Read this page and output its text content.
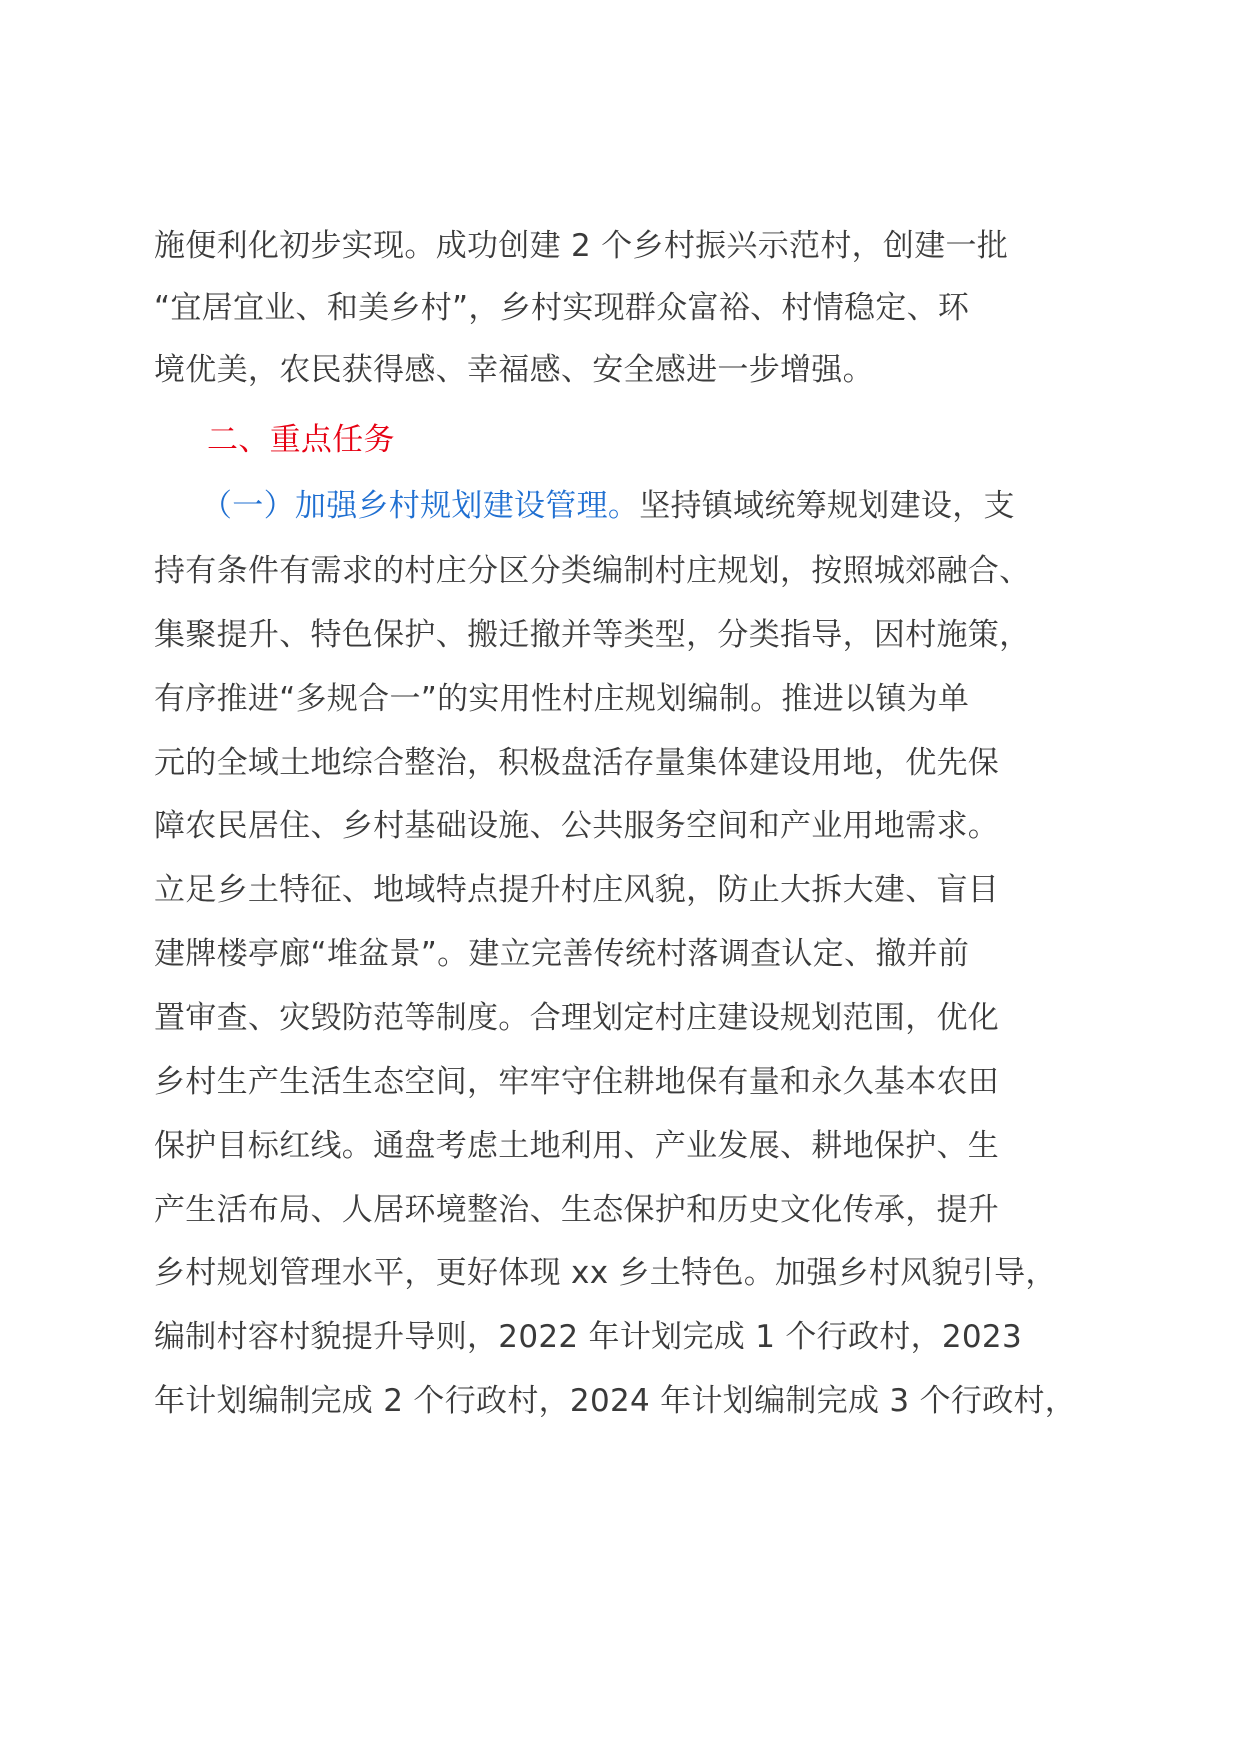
施便利化初步实现。成功创建 2 个乡村振兴示范村，创建一批
“宜居宜业、和美乡村”，乡村实现群众富裕、村情稳定、环
境优美，农民获得感、幸福感、安全感进一步增强。
二、重点任务
（一）加强乡村规划建设管理。坚持镇域统筹规划建设，支
持有条件有需求的村庄分区分类编制村庄规划，按照城郊融合、
集聚提升、特色保护、搬迁撤并等类型，分类指导，因村施策，
有序推进“多规合一”的实用性村庄规划编制。推进以镇为单
元的全域土地综合整治，积极盘活存量集体建设用地，优先保
障农民居住、乡村基础设施、公共服务空间和产业用地需求。
立足乡土特征、地域特点提升村庄风貌，防止大拆大建、盲目
建牌楼亭廊“堆盆景”。建立完善传统村落调查认定、撤并前
置审查、灾毁防范等制度。合理划定村庄建设规划范围，优化
乡村生产生活生态空间，牢牢守住耕地保有量和永久基本农田
保护目标红线。通盘考虑土地利用、产业发展、耕地保护、生
产生活布局、人居环境整治、生态保护和历史文化传承，提升
乡村规划管理水平，更好体现 xx 乡土特色。加强乡村风貌引导，
编制村容村貌提升导则，2022 年计划完成 1 个行政村，2023
年计划编制完成 2 个行政村，2024 年计划编制完成 3 个行政村，
